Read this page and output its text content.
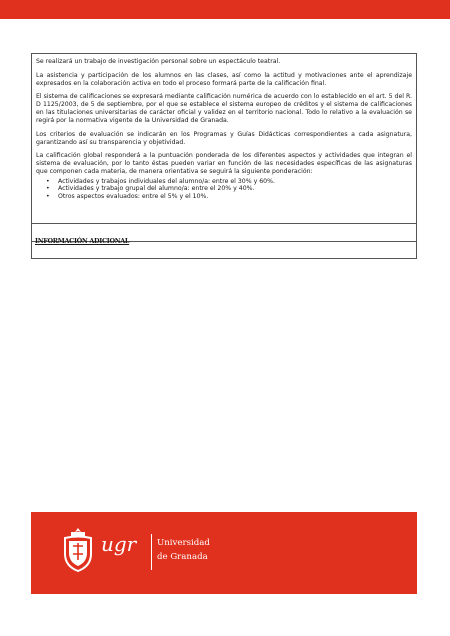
Se realizará un trabajo de investigación personal sobre un espectáculo teatral.

La asistencia y participación de los alumnos en las clases, así como la actitud y motivaciones ante el aprendizaje expresados en la colaboración activa en todo el proceso formará parte de la calificación final.

El sistema de calificaciones se expresará mediante calificación numérica de acuerdo con lo establecido en el art. 5 del R. D 1125/2003, de 5 de septiembre, por el que se establece el sistema europeo de créditos y el sistema de calificaciones en las titulaciones universitarias de carácter oficial y validez en el territorio nacional. Todo lo relativo a la evaluación se regirá por la normativa vigente de la Universidad de Granada.

Los criterios de evaluación se indicarán en los Programas y Guías Didácticas correspondientes a cada asignatura, garantizando así su transparencia y objetividad.

La calificación global responderá a la puntuación ponderada de los diferentes aspectos y actividades que integran el sistema de evaluación, por lo tanto éstas pueden variar en función de las necesidades específicas de las asignaturas que componen cada materia, de manera orientativa se seguirá la siguiente ponderación:

• Actividades y trabajos individuales del alumno/a: entre el 30% y 60%.
• Actividades y trabajo grupal del alumno/a: entre el 20% y 40%.
• Otros aspectos evaluados: entre el 5% y el 10%.
INFORMACIÓN ADICIONAL
ugr Universidad
de Granada
